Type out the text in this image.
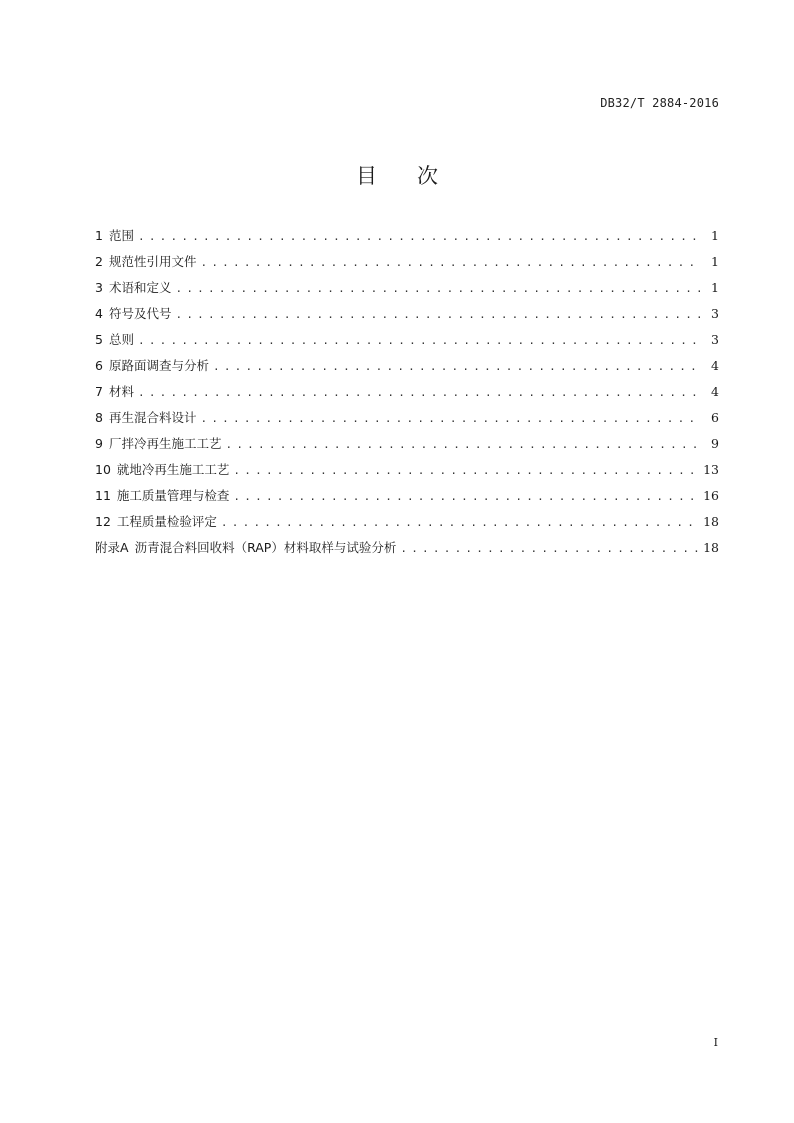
DB32/T 2884-2016
目次
1 范围 . . .	1
2 规范性引用文件 . . .	1
3 术语和定义 . . .	1
4 符号及代号 . . .	3
5 总则 . . .	3
6 原路面调查与分析 . . .	4
7 材料 . . .	4
8 再生混合料设计 . . .	6
9 厂拌冷再生施工工艺 . . .	9
10 就地冷再生施工工艺 . . .	13
11 施工质量管理与检查 . . .	16
12 工程质量检验评定 . . .	18
附录A 沥青混合料回收料（RAP）材料取样与试验分析 . . .	18
I
